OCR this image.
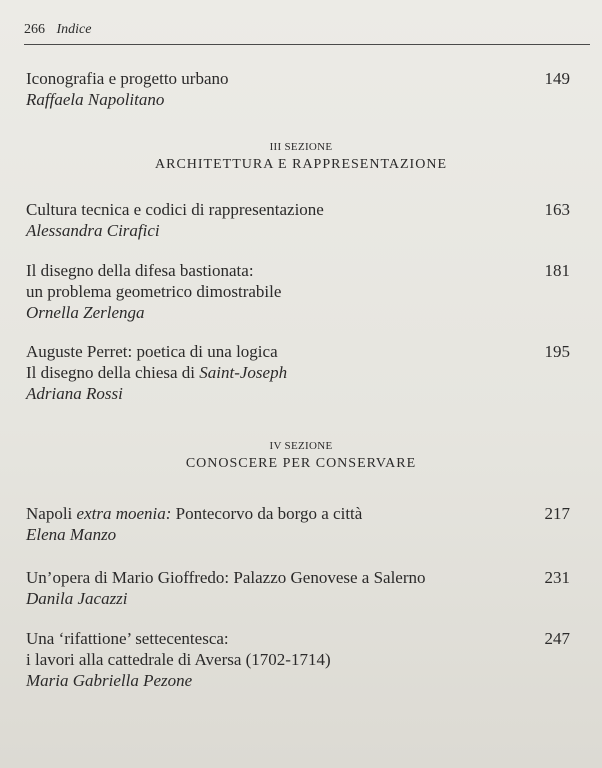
266 Indice
Iconografia e progetto urbano
Raffaela Napolitano
149
III SEZIONE
ARCHITETTURA E RAPPRESENTAZIONE
Cultura tecnica e codici di rappresentazione
Alessandra Cirafici
163
Il disegno della difesa bastionata:
un problema geometrico dimostrabile
Ornella Zerlenga
181
Auguste Perret: poetica di una logica
Il disegno della chiesa di Saint-Joseph
Adriana Rossi
195
IV SEZIONE
CONOSCERE PER CONSERVARE
Napoli extra moenia: Pontecorvo da borgo a città
Elena Manzo
217
Un’opera di Mario Gioffredo: Palazzo Genovese a Salerno
Danila Jacazzi
231
Una ‘rifattione’ settecentesca:
i lavori alla cattedrale di Aversa (1702-1714)
Maria Gabriella Pezone
247
